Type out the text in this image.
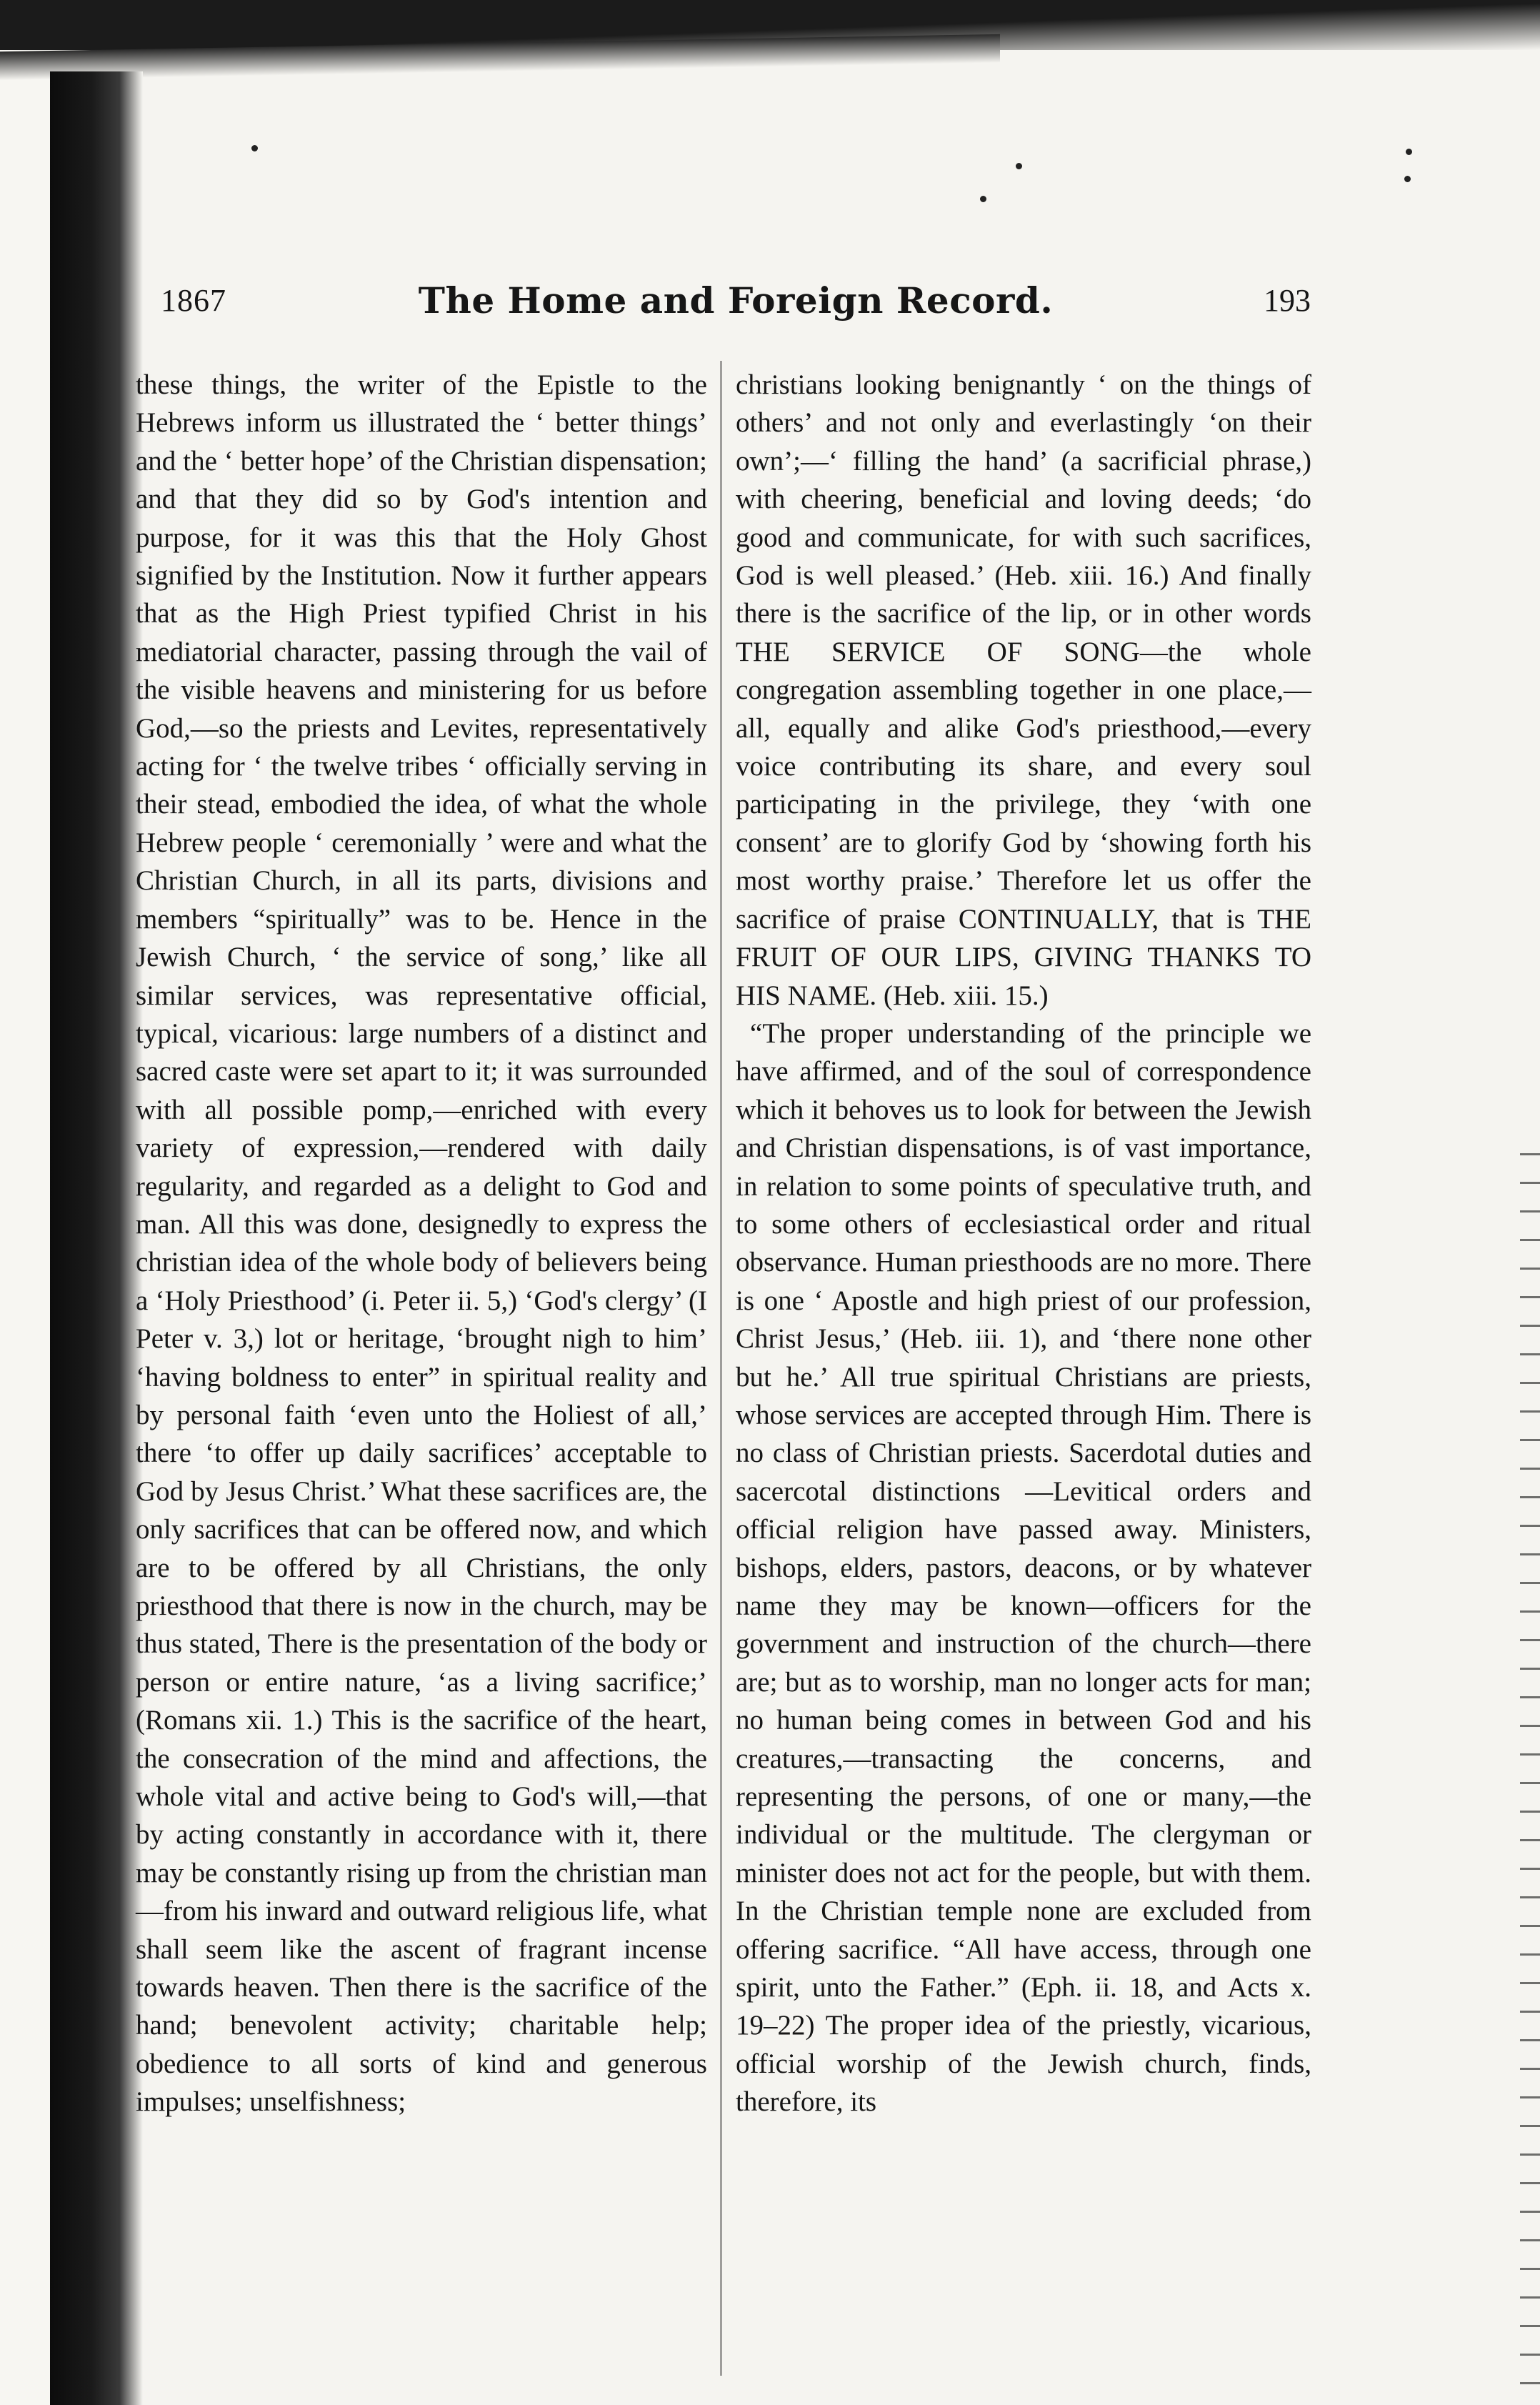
1867	The Home and Foreign Record.	193

these things, the writer of the Epistle to the Hebrews inform us illustrated the ‘ better things’ and the ‘ better hope’ of the Christian dispensation; and that they did so by God's intention and purpose, for it was this that the Holy Ghost signified by the Institution. Now it further appears that as the High Priest typified Christ in his mediatorial character, passing through the vail of the visible heavens and ministering for us before God,—so the priests and Levites, representatively acting for ‘ the twelve tribes ‘ officially serving in their stead, embodied the idea, of what the whole Hebrew people ‘ ceremonially ’ were and what the Christian Church, in all its parts, divisions and members “spiritually” was to be. Hence in the Jewish Church, ‘ the service of song,’ like all similar services, was representative official, typical, vicarious: large numbers of a distinct and sacred caste were set apart to it; it was surrounded with all possible pomp,—enriched with every variety of expression,—rendered with daily regularity, and regarded as a delight to God and man. All this was done, designedly to express the christian idea of the whole body of believers being a ‘Holy Priesthood’ (i. Peter ii. 5,) ‘God's clergy’ (I Peter v. 3,) lot or heritage, ‘brought nigh to him’ ‘having boldness to enter” in spiritual reality and by personal faith ‘even unto the Holiest of all,’ there ‘to offer up daily sacrifices’ acceptable to God by Jesus Christ.’ What these sacrifices are, the only sacrifices that can be offered now, and which are to be offered by all Christians, the only priesthood that there is now in the church, may be thus stated, There is the presentation of the body or person or entire nature, ‘as a living sacrifice;’ (Romans xii. 1.) This is the sacrifice of the heart, the consecration of the mind and affections, the whole vital and active being to God's will,—that by acting constantly in accordance with it, there may be constantly rising up from the christian man—from his inward and outward religious life, what shall seem like the ascent of fragrant incense towards heaven. Then there is the sacrifice of the hand; benevolent activity; charitable help; obedience to all sorts of kind and generous impulses; unselfishness;

christians looking benignantly ‘ on the things of others’ and not only and everlastingly ‘on their own’;—‘ filling the hand’ (a sacrificial phrase,) with cheering, beneficial and loving deeds; ‘do good and communicate, for with such sacrifices, God is well pleased.’ (Heb. xiii. 16.) And finally there is the sacrifice of the lip, or in other words THE SERVICE OF SONG—the whole congregation assembling together in one place,—all, equally and alike God's priesthood,—every voice contributing its share, and every soul participating in the privilege, they ‘with one consent’ are to glorify God by ‘showing forth his most worthy praise.’ Therefore let us offer the sacrifice of praise CONTINUALLY, that is THE FRUIT OF OUR LIPS, GIVING THANKS TO HIS NAME. (Heb. xiii. 15.)

“The proper understanding of the principle we have affirmed, and of the soul of correspondence which it behoves us to look for between the Jewish and Christian dispensations, is of vast importance, in relation to some points of speculative truth, and to some others of ecclesiastical order and ritual observance. Human priesthoods are no more. There is one ‘ Apostle and high priest of our profession, Christ Jesus,’ (Heb. iii. 1), and ‘there none other but he.’ All true spiritual Christians are priests, whose services are accepted through Him. There is no class of Christian priests. Sacerdotal duties and sacercotal distinctions —Levitical orders and official religion have passed away. Ministers, bishops, elders, pastors, deacons, or by whatever name they may be known—officers for the government and instruction of the church—there are; but as to worship, man no longer acts for man; no human being comes in between God and his creatures,—transacting the concerns, and representing the persons, of one or many,—the individual or the multitude. The clergyman or minister does not act for the people, but with them. In the Christian temple none are excluded from offering sacrifice. “All have access, through one spirit, unto the Father.” (Eph. ii. 18, and Acts x. 19–22) The proper idea of the priestly, vicarious, official worship of the Jewish church, finds, therefore, its
